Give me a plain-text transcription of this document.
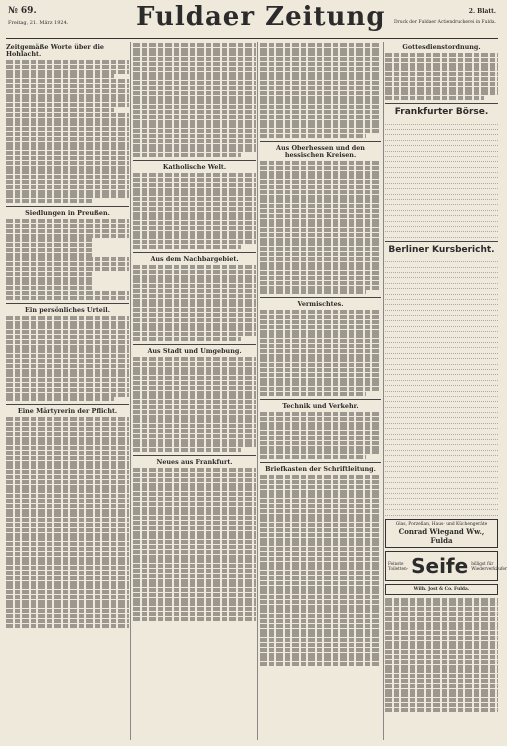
№ 69.
Freitag, 21. März 1924.	Fuldaer Zeitung	2. Blatt.
Druck der Fuldaer Actiendruckerei in Fulda.
Zeitgemäße Worte über die Hohlacht.
Siedlungen in Preußen.
Ein persönliches Urteil.
Eine Märtyrerin der Pflicht.
Katholische Welt.
Aus dem Nachbargebiet.
Aus Stadt und Umgebung.
Neues aus Frankfurt.
Aus Oberhessen und den hessischen Kreisen.
Vermischtes.
Technik und Verkehr.
Briefkasten der Schriftleitung.
Gottesdienstordnung.
Frankfurter Börse.
Berliner Kursbericht.
Glas, Porzellan, Haus- und Küchengeräte
Conrad Wiegand Ww., Fulda
Feinste Toiletten- Seife billigst für Wiederverkäufer
Wilh. Jost & Co. Fulda.
